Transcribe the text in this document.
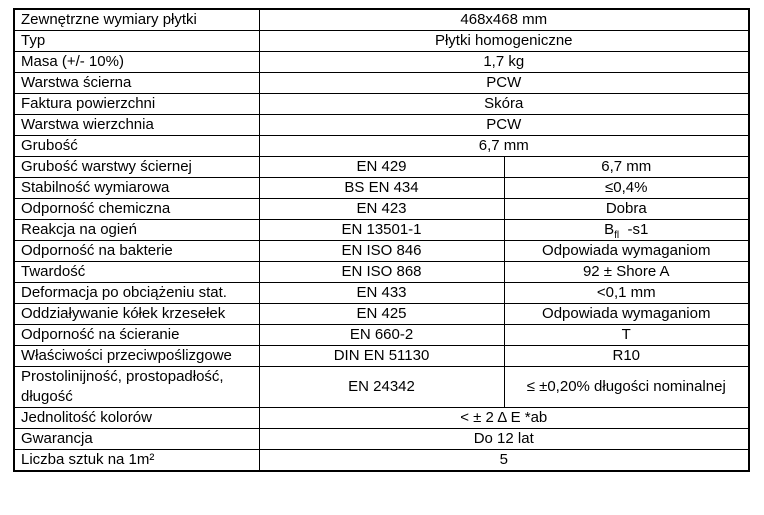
Zewnętrzne wymiary płytki	468x468 mm	
Typ	Płytki homogeniczne	
Masa (+/- 10%)	1,7 kg	
Warstwa ścierna	PCW	
Faktura powierzchni	Skóra	
Warstwa wierzchnia	PCW	
Grubość	6,7 mm	
Grubość warstwy ściernej	EN 429	6,7 mm
Stabilność wymiarowa	BS EN 434	≤0,4%
Odporność chemiczna	EN 423	Dobra
Reakcja na ogień	EN 13501-1	$B_{fl}$  -s1
Odporność na bakterie	EN ISO 846	Odpowiada wymaganiom
Twardość	EN ISO 868	92 ± Shore A
Deformacja po obciążeniu stat.	EN 433	<0,1 mm
Oddziaływanie kółek krzesełek	EN 425	Odpowiada wymaganiom
Odporność na ścieranie	EN 660-2	T
Właściwości przeciwpoślizgowe	DIN EN 51130	R10

Prostolinijność, prostopadłość,
długość	EN 24342	≤ ±0,20% długości nominalnej
Jednolitość kolorów	< ± 2 Δ E *ab	
Gwarancja	Do 12 lat	
Liczba sztuk na 1m²	5	
